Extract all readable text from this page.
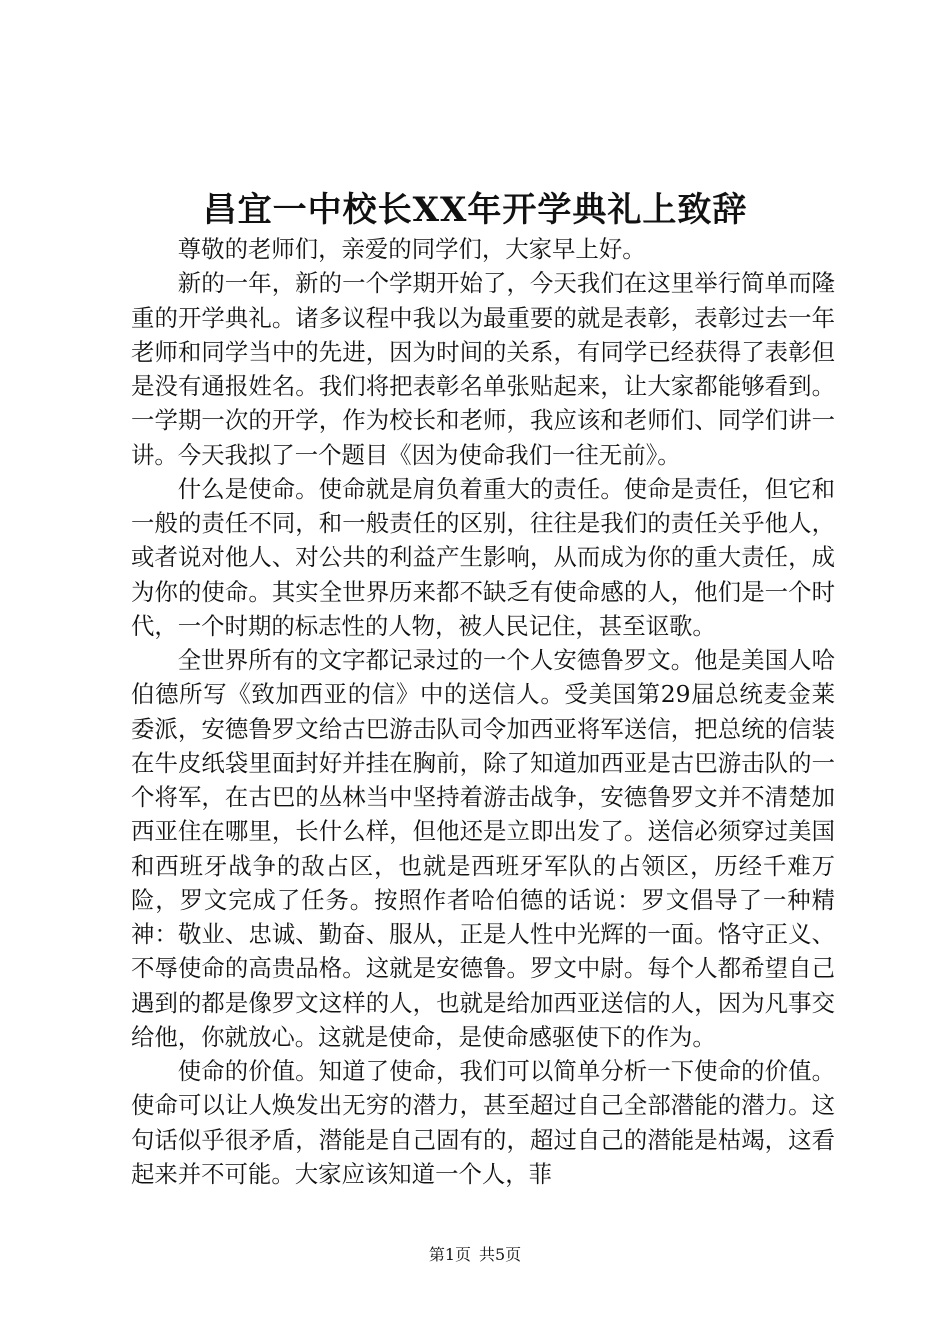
昌宜一中校长XX年开学典礼上致辞

尊敬的老师们，亲爱的同学们，大家早上好。

新的一年，新的一个学期开始了，今天我们在这里举行简单而隆重的开学典礼。诸多议程中我以为最重要的就是表彰，表彰过去一年老师和同学当中的先进，因为时间的关系，有同学已经获得了表彰但是没有通报姓名。我们将把表彰名单张贴起来，让大家都能够看到。一学期一次的开学，作为校长和老师，我应该和老师们、同学们讲一讲。今天我拟了一个题目《因为使命我们一往无前》。

什么是使命。使命就是肩负着重大的责任。使命是责任，但它和一般的责任不同，和一般责任的区别，往往是我们的责任关乎他人，或者说对他人、对公共的利益产生影响，从而成为你的重大责任，成为你的使命。其实全世界历来都不缺乏有使命感的人，他们是一个时代，一个时期的标志性的人物，被人民记住，甚至讴歌。

全世界所有的文字都记录过的一个人安德鲁罗文。他是美国人哈伯德所写《致加西亚的信》中的送信人。受美国第29届总统麦金莱委派，安德鲁罗文给古巴游击队司令加西亚将军送信，把总统的信装在牛皮纸袋里面封好并挂在胸前，除了知道加西亚是古巴游击队的一个将军，在古巴的丛林当中坚持着游击战争，安德鲁罗文并不清楚加西亚住在哪里，长什么样，但他还是立即出发了。送信必须穿过美国和西班牙战争的敌占区，也就是西班牙军队的占领区，历经千难万险，罗文完成了任务。按照作者哈伯德的话说：罗文倡导了一种精神：敬业、忠诚、勤奋、服从，正是人性中光辉的一面。恪守正义、不辱使命的高贵品格。这就是安德鲁。罗文中尉。每个人都希望自己遇到的都是像罗文这样的人，也就是给加西亚送信的人，因为凡事交给他，你就放心。这就是使命，是使命感驱使下的作为。

使命的价值。知道了使命，我们可以简单分析一下使命的价值。使命可以让人焕发出无穷的潜力，甚至超过自己全部潜能的潜力。这句话似乎很矛盾，潜能是自己固有的，超过自己的潜能是枯竭，这看起来并不可能。大家应该知道一个人，菲

第1页 共5页
